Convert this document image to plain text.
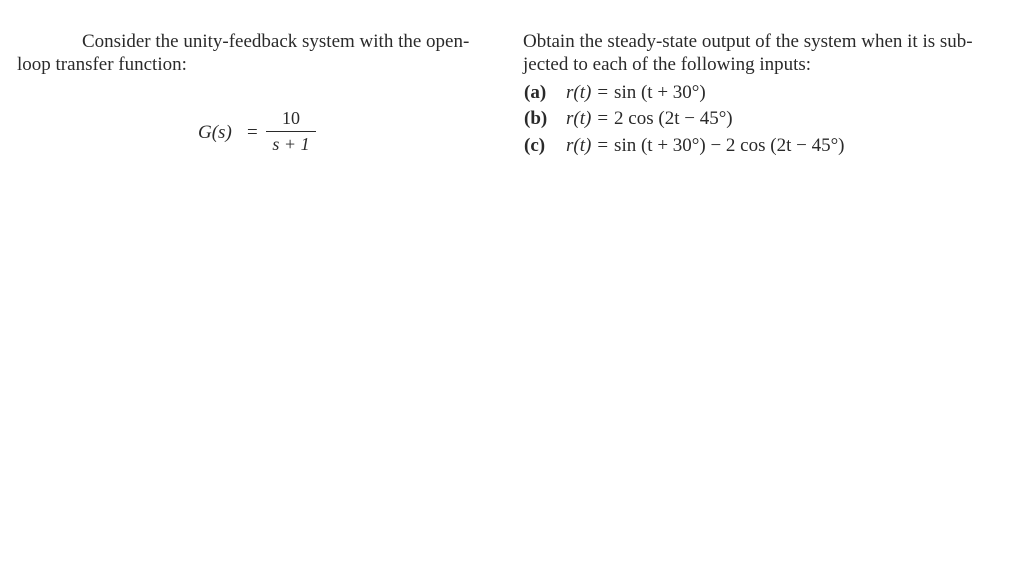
Consider the unity-feedback system with the open-
loop transfer function:
G(s) =
10
s + 1
Obtain the steady-state output of the system when it is sub-
jected to each of the following inputs:
(a) r(t) = sin (t + 30°)
(b) r(t) = 2 cos (2t − 45°)
(c) r(t) = sin (t + 30°) − 2 cos (2t − 45°)
